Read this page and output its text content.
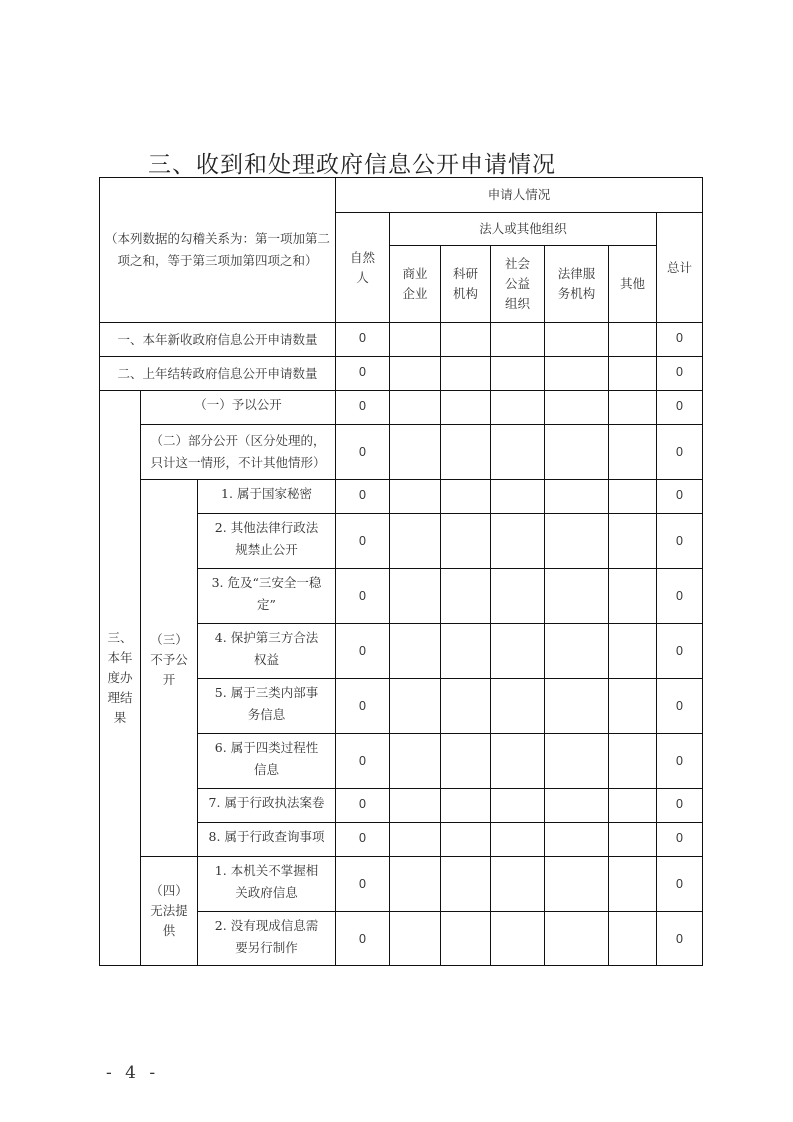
三、收到和处理政府信息公开申请情况
（本列数据的勾稽关系为：第一项加第二项之和，等于第三项加第四项之和）			申请人情况						
			自然人	法人或其他组织					总计
				商业企业	科研机构	社会公益组织	法律服务机构	其他	
一、本年新收政府信息公开申请数量			0						0
二、上年结转政府信息公开申请数量			0						0
三、本年度办理结果	（一）予以公开		0						0
	（二）部分公开（区分处理的，只计这一情形，不计其他情形）		0						0
	（三）不予公开	1. 属于国家秘密	0						0
		2. 其他法律行政法规禁止公开	0						0
		3. 危及“三安全一稳定”	0						0
		4. 保护第三方合法权益	0						0
		5. 属于三类内部事务信息	0						0
		6. 属于四类过程性信息	0						0
		7. 属于行政执法案卷	0						0
		8. 属于行政查询事项	0						0
	（四）无法提供	1. 本机关不掌握相关政府信息	0						0
		2. 没有现成信息需要另行制作	0						0
- 4 -
